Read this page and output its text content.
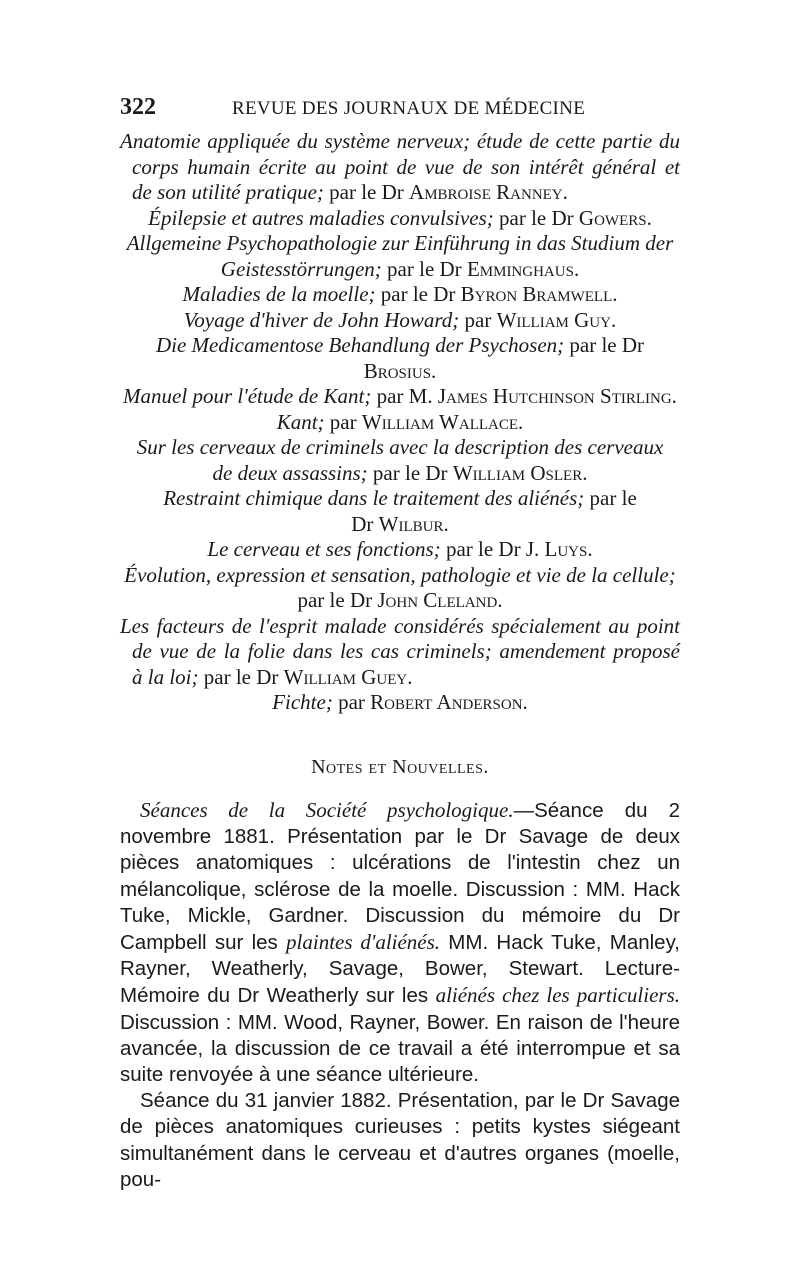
322	REVUE DES JOURNAUX DE MÉDECINE

Anatomie appliquée du système nerveux; étude de cette partie du

corps humain écrite au point de vue de son intérêt général et

de son utilité pratique; par le Dr Ambroise Ranney.

Épilepsie et autres maladies convulsives; par le Dr Gowers.

Allgemeine Psychopathologie zur Einführung in das Studium der

Geistesstörrungen; par le Dr Emminghaus.

Maladies de la moelle; par le Dr Byron Bramwell.

Voyage d'hiver de John Howard; par William Guy.

Die Medicamentose Behandlung der Psychosen; par le Dr Brosius.

Manuel pour l'étude de Kant; par M. James Hutchinson Stirling.

Kant; par William Wallace.

Sur les cerveaux de criminels avec la description des cerveaux

de deux assassins; par le Dr William Osler.

Restraint chimique dans le traitement des aliénés; par le

Dr Wilbur.

Le cerveau et ses fonctions; par le Dr J. Luys.

Évolution, expression et sensation, pathologie et vie de la cellule;

par le Dr John Cleland.

Les facteurs de l'esprit malade considérés spécialement au point

de vue de la folie dans les cas criminels; amendement proposé

à la loi; par le Dr William Guey.

Fichte; par Robert Anderson.

Notes et Nouvelles.

Séances de la Société psychologique.—Séance du 2 novembre 1881. Présentation par le Dr Savage de deux pièces anatomiques : ulcérations de l'intestin chez un mélancolique, sclérose de la moelle. Discussion : MM. Hack Tuke, Mickle, Gardner. Discussion du mémoire du Dr Campbell sur les plaintes d'aliénés. MM. Hack Tuke, Manley, Rayner, Weatherly, Savage, Bower, Stewart. Lecture-Mémoire du Dr Weatherly sur les aliénés chez les particuliers. Discussion : MM. Wood, Rayner, Bower. En raison de l'heure avancée, la discussion de ce travail a été interrompue et sa suite renvoyée à une séance ultérieure.

Séance du 31 janvier 1882. Présentation, par le Dr Savage de pièces anatomiques curieuses : petits kystes siégeant simultanément dans le cerveau et d'autres organes (moelle, pou-
